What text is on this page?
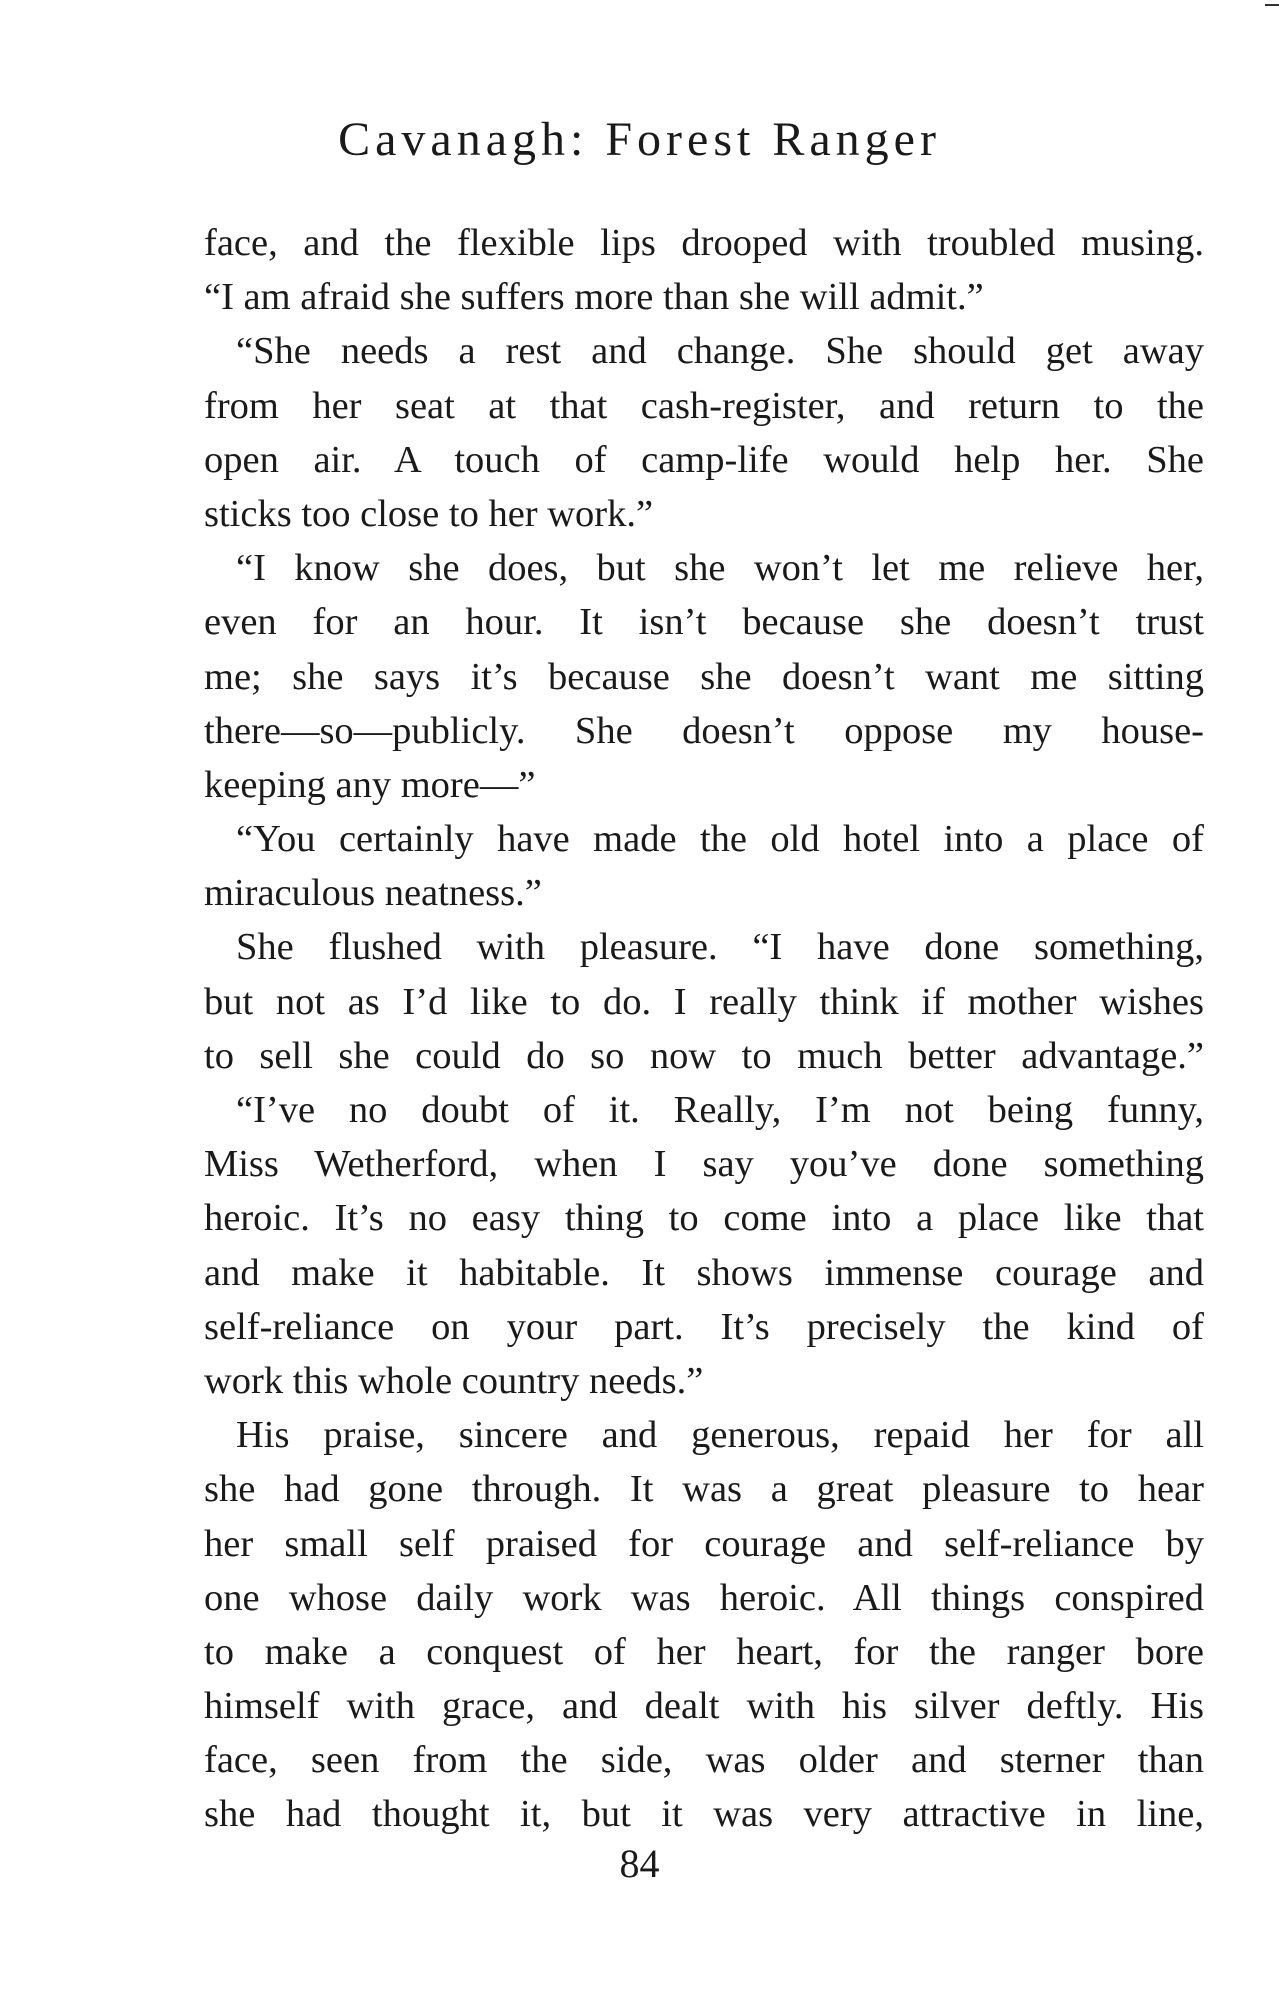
Cavanagh: Forest Ranger
face, and the flexible lips drooped with troubled musing.
“I am afraid she suffers more than she will admit.”
“She needs a rest and change. She should get away
from her seat at that cash-register, and return to the
open air. A touch of camp-life would help her. She
sticks too close to her work.”
“I know she does, but she won’t let me relieve her,
even for an hour. It isn’t because she doesn’t trust
me; she says it’s because she doesn’t want me sitting
there—so—publicly. She doesn’t oppose my house-
keeping any more—”
“You certainly have made the old hotel into a place of
miraculous neatness.”
She flushed with pleasure. “I have done something,
but not as I’d like to do. I really think if mother wishes
to sell she could do so now to much better advantage.”
“I’ve no doubt of it. Really, I’m not being funny,
Miss Wetherford, when I say you’ve done something
heroic. It’s no easy thing to come into a place like that
and make it habitable. It shows immense courage and
self-reliance on your part. It’s precisely the kind of
work this whole country needs.”
His praise, sincere and generous, repaid her for all
she had gone through. It was a great pleasure to hear
her small self praised for courage and self-reliance by
one whose daily work was heroic. All things conspired
to make a conquest of her heart, for the ranger bore
himself with grace, and dealt with his silver deftly. His
face, seen from the side, was older and sterner than
she had thought it, but it was very attractive in line,
84
